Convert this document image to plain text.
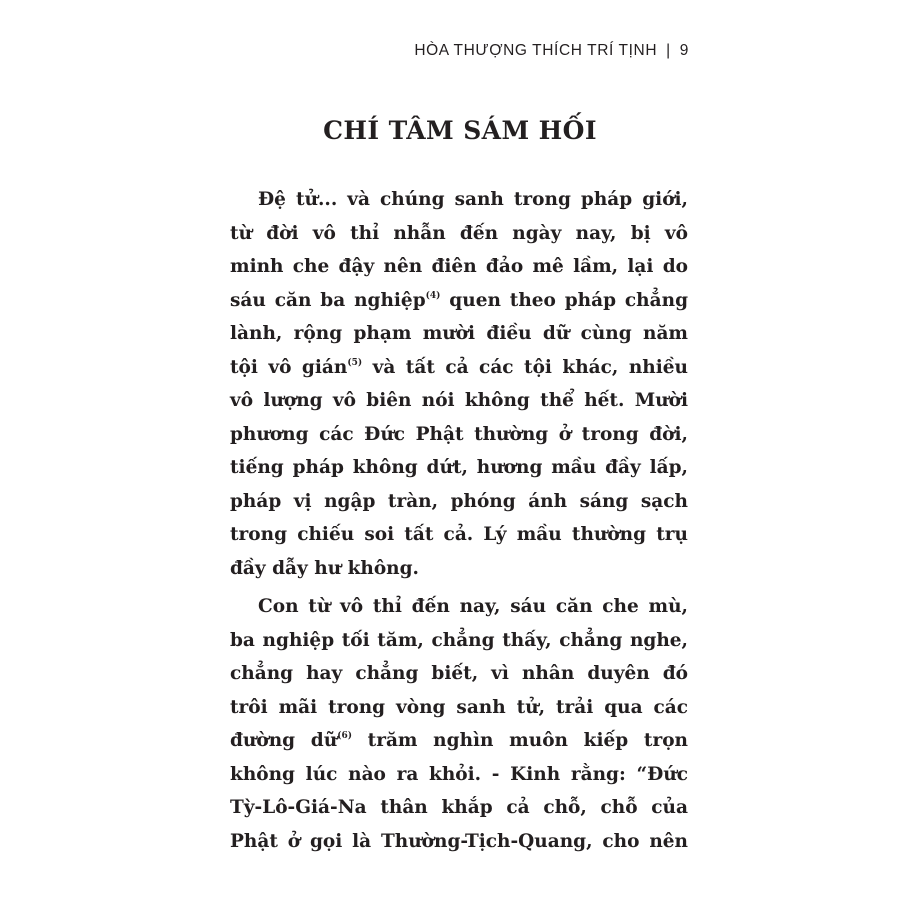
HÒA THƯỢNG THÍCH TRÍ TỊNH | 9
CHÍ TÂM SÁM HỐI
Đệ tử... và chúng sanh trong pháp giới,
từ đời vô thỉ nhẫn đến ngày nay, bị vô
minh che đậy nên điên đảo mê lầm, lại do
sáu căn ba nghiệp$^{(4)}$ quen theo pháp chẳng
lành, rộng phạm mười điều dữ cùng năm
tội vô gián$^{(5)}$ và tất cả các tội khác, nhiều
vô lượng vô biên nói không thể hết. Mười
phương các Đức Phật thường ở trong đời,
tiếng pháp không dứt, hương mầu đầy lấp,
pháp vị ngập tràn, phóng ánh sáng sạch
trong chiếu soi tất cả. Lý mầu thường trụ
đầy dẫy hư không.
Con từ vô thỉ đến nay, sáu căn che mù,
ba nghiệp tối tăm, chẳng thấy, chẳng nghe,
chẳng hay chẳng biết, vì nhân duyên đó
trôi mãi trong vòng sanh tử, trải qua các
đường dữ$^{(6)}$ trăm nghìn muôn kiếp trọn
không lúc nào ra khỏi. - Kinh rằng: “Đức
Tỳ-Lô-Giá-Na thân khắp cả chỗ, chỗ của
Phật ở gọi là Thường-Tịch-Quang, cho nên
